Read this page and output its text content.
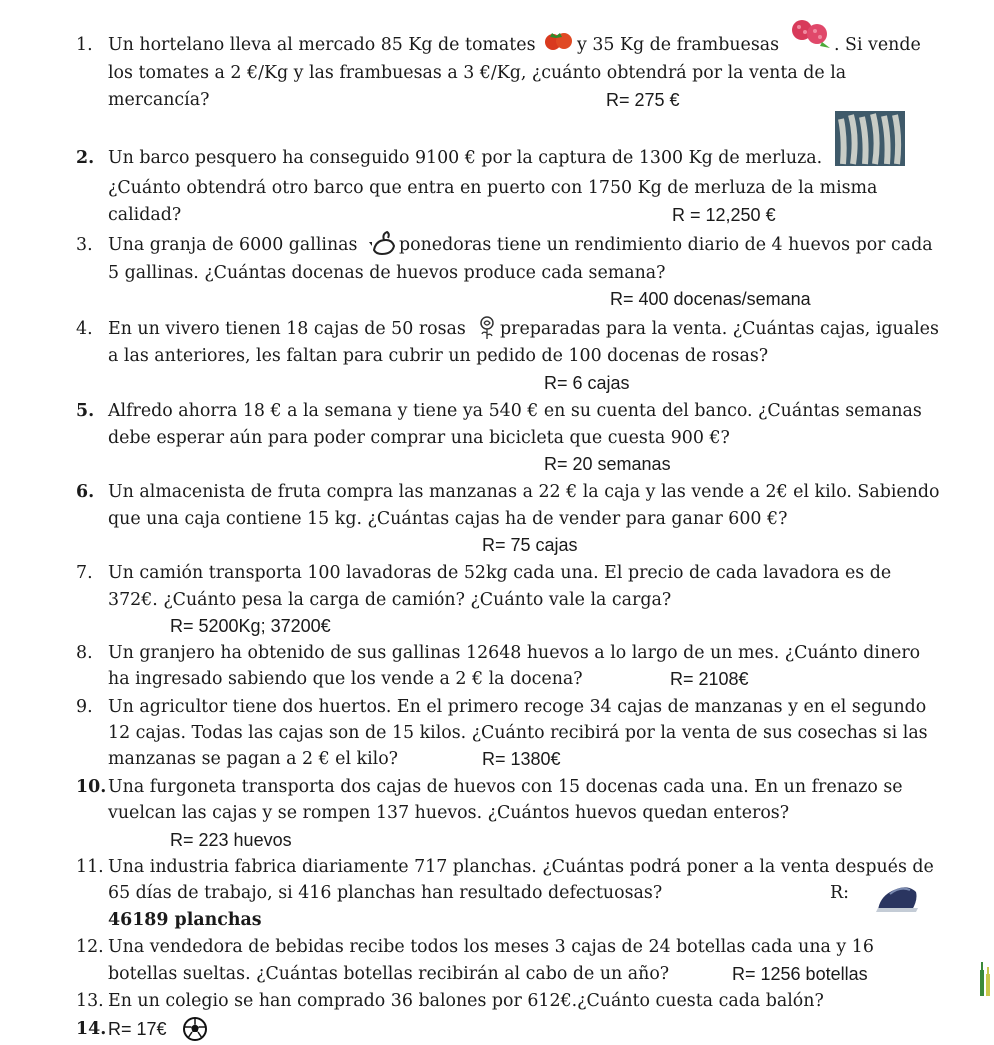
1. Un hortelano lleva al mercado 85 Kg de tomates y 35 Kg de frambuesas	. Si vende
los tomates a 2 €/Kg y las frambuesas a 3 €/Kg, ¿cuánto obtendrá por la venta de la
mercancía?	R= 275 €
2. Un barco pesquero ha conseguido 9100 € por la captura de 1300 Kg de merluza.
¿Cuánto obtendrá otro barco que entra en puerto con 1750 Kg de merluza de la misma
calidad?	R = 12,250 €
3. Una granja de 6000 gallinas ponedoras tiene un rendimiento diario de 4 huevos por cada
5 gallinas. ¿Cuántas docenas de huevos produce cada semana?
R= 400 docenas/semana
4. En un vivero tienen 18 cajas de 50 rosas preparadas para la venta. ¿Cuántas cajas, iguales
a las anteriores, les faltan para cubrir un pedido de 100 docenas de rosas?
R= 6 cajas
5. Alfredo ahorra 18 € a la semana y tiene ya 540 € en su cuenta del banco. ¿Cuántas semanas
debe esperar aún para poder comprar una bicicleta que cuesta 900 €?
R= 20 semanas
6. Un almacenista de fruta compra las manzanas a 22 € la caja y las vende a 2€ el kilo. Sabiendo
que una caja contiene 15 kg. ¿Cuántas cajas ha de vender para ganar 600 €?
R= 75 cajas
7. Un camión transporta 100 lavadoras de 52kg cada una. El precio de cada lavadora es de
372€. ¿Cuánto pesa la carga de camión? ¿Cuánto vale la carga?
R= 5200Kg; 37200€
8. Un granjero ha obtenido de sus gallinas 12648 huevos a lo largo de un mes. ¿Cuánto dinero
ha ingresado sabiendo que los vende a 2 € la docena?	R= 2108€
9. Un agricultor tiene dos huertos. En el primero recoge 34 cajas de manzanas y en el segundo
12 cajas. Todas las cajas son de 15 kilos. ¿Cuánto recibirá por la venta de sus cosechas si las
manzanas se pagan a 2 € el kilo?	R= 1380€
10. Una furgoneta transporta dos cajas de huevos con 15 docenas cada una. En un frenazo se
vuelcan las cajas y se rompen 137 huevos. ¿Cuántos huevos quedan enteros?
R= 223 huevos
11. Una industria fabrica diariamente 717 planchas. ¿Cuántas podrá poner a la venta después de
65 días de trabajo, si 416 planchas han resultado defectuosas?	R:
46189 planchas
12. Una vendedora de bebidas recibe todos los meses 3 cajas de 24 botellas cada una y 16
botellas sueltas. ¿Cuántas botellas recibirán al cabo de un año?	R= 1256 botellas
13. En un colegio se han comprado 36 balones por 612€.¿Cuánto cuesta cada balón?
14. R= 17€
